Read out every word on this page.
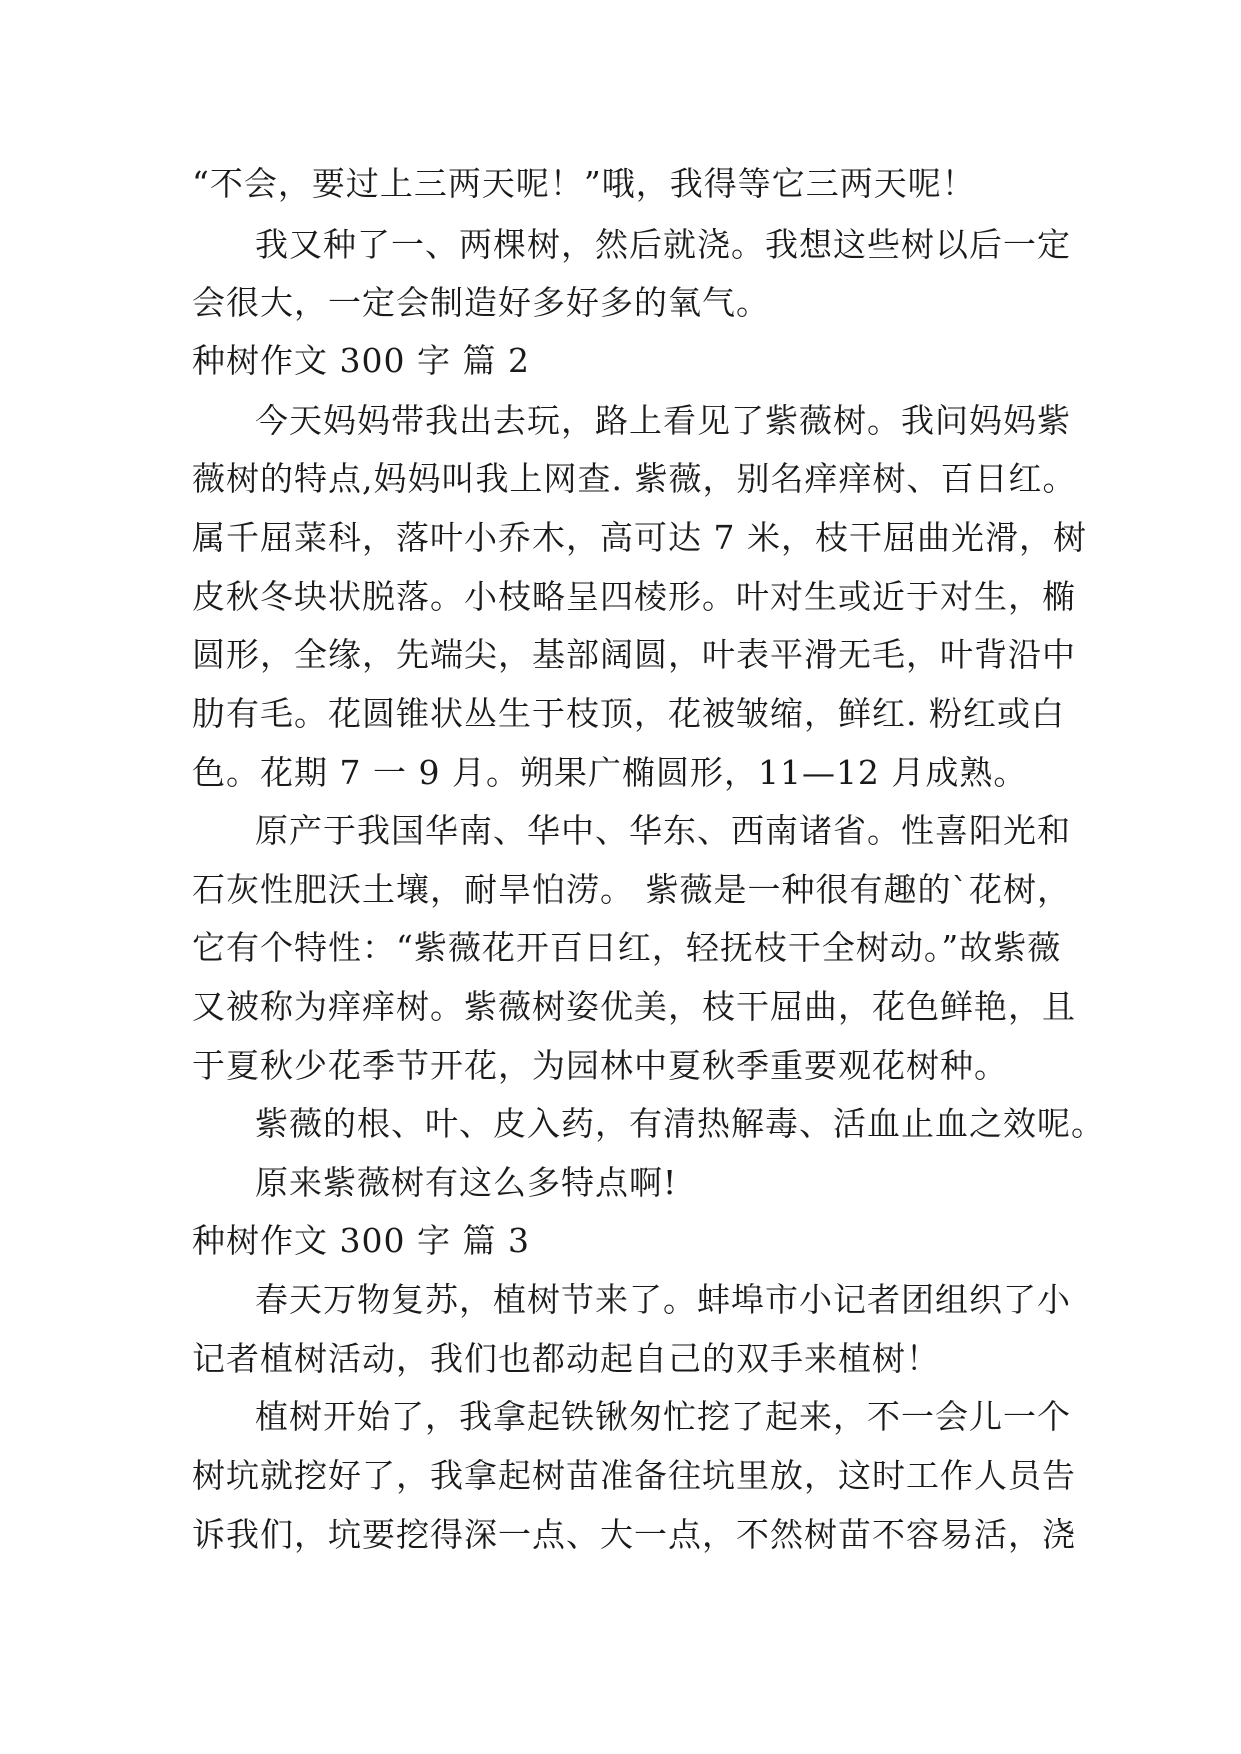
“不会，要过上三两天呢！”哦，我得等它三两天呢！
我又种了一、两棵树，然后就浇。我想这些树以后一定
会很大，一定会制造好多好多的氧气。
种树作文 300 字 篇 2
今天妈妈带我出去玩，路上看见了紫薇树。我问妈妈紫
薇树的特点,妈妈叫我上网查. 紫薇，别名痒痒树、百日红。
属千屈菜科，落叶小乔木，高可达 7 米，枝干屈曲光滑，树
皮秋冬块状脱落。小枝略呈四棱形。叶对生或近于对生，椭
圆形，全缘，先端尖，基部阔圆，叶表平滑无毛，叶背沿中
肋有毛。花圆锥状丛生于枝顶，花被皱缩，鲜红. 粉红或白
色。花期 7 一 9 月。朔果广椭圆形，11—12 月成熟。
原产于我国华南、华中、华东、西南诸省。性喜阳光和
石灰性肥沃土壤，耐旱怕涝。 紫薇是一种很有趣的`花树，
它有个特性：“紫薇花开百日红，轻抚枝干全树动。”故紫薇
又被称为痒痒树。紫薇树姿优美，枝干屈曲，花色鲜艳，且
于夏秋少花季节开花，为园林中夏秋季重要观花树种。
紫薇的根、叶、皮入药，有清热解毒、活血止血之效呢。
原来紫薇树有这么多特点啊!
种树作文 300 字 篇 3
春天万物复苏，植树节来了。蚌埠市小记者团组织了小
记者植树活动，我们也都动起自己的双手来植树！
植树开始了，我拿起铁锹匆忙挖了起来，不一会儿一个
树坑就挖好了，我拿起树苗准备往坑里放，这时工作人员告
诉我们，坑要挖得深一点、大一点，不然树苗不容易活，浇
